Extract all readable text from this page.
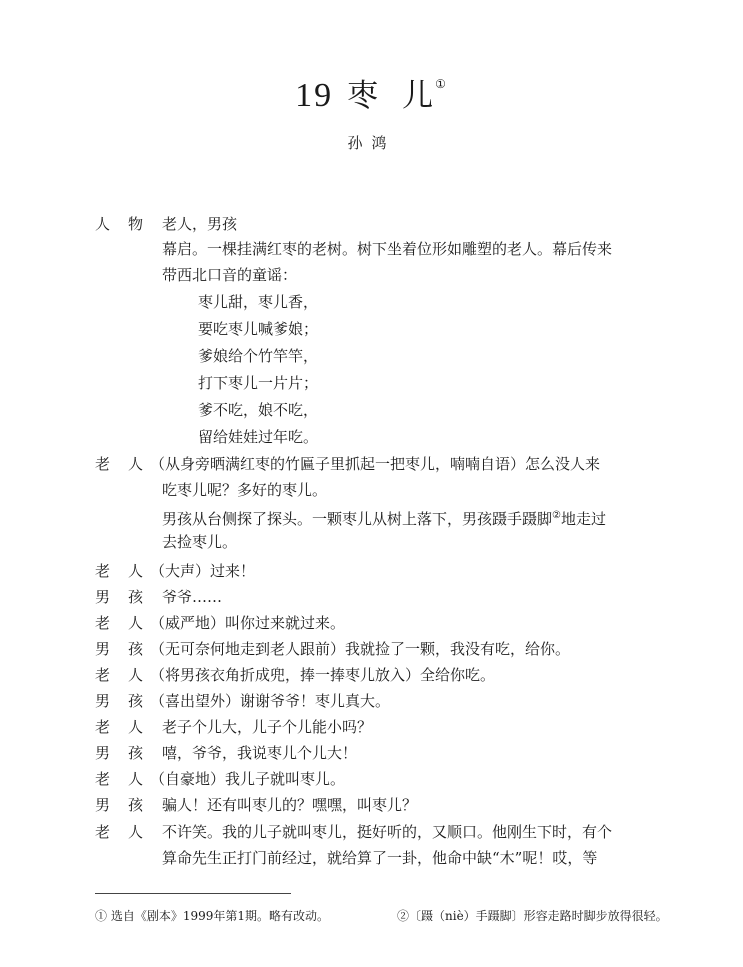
19 枣 儿①
孙鸿
人 物 老人，男孩
幕启。一棵挂满红枣的老树。树下坐着位形如雕塑的老人。幕后传来
带西北口音的童谣：
枣儿甜，枣儿香，
要吃枣儿喊爹娘；
爹娘给个竹竿竿，
打下枣儿一片片；
爹不吃，娘不吃，
留给娃娃过年吃。
老 人 （从身旁晒满红枣的竹匾子里抓起一把枣儿，喃喃自语）怎么没人来
吃枣儿呢？多好的枣儿。
男孩从台侧探了探头。一颗枣儿从树上落下，男孩蹑手蹑脚②地走过
去捡枣儿。
老 人 （大声）过来！
男 孩 爷爷……
老 人 （威严地）叫你过来就过来。
男 孩 （无可奈何地走到老人跟前）我就捡了一颗，我没有吃，给你。
老 人 （将男孩衣角折成兜，捧一捧枣儿放入）全给你吃。
男 孩 （喜出望外）谢谢爷爷！枣儿真大。
老 人 老子个儿大，儿子个儿能小吗？
男 孩 嘻，爷爷，我说枣儿个儿大！
老 人 （自豪地）我儿子就叫枣儿。
男 孩 骗人！还有叫枣儿的？嘿嘿，叫枣儿？
老 人 不许笑。我的儿子就叫枣儿，挺好听的，又顺口。他刚生下时，有个
算命先生正打门前经过，就给算了一卦，他命中缺“木”呢！哎，等
① 选自《剧本》1999年第1期。略有改动。	②〔蹑（niè）手蹑脚〕形容走路时脚步放得很轻。
